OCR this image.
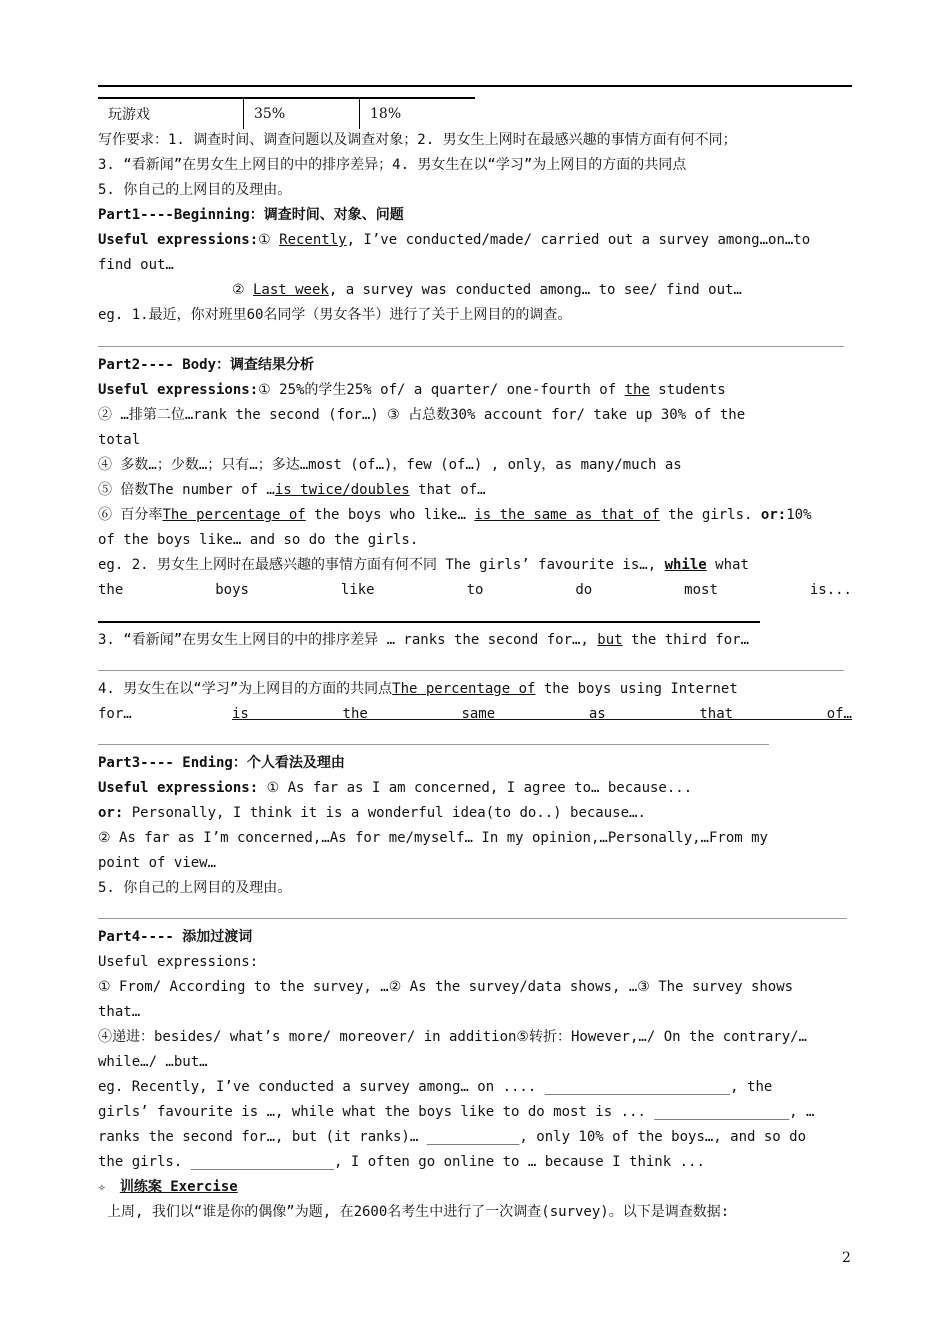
玩游戏	35%	18%
写作要求：1. 调查时间、调查问题以及调查对象；2. 男女生上网时在最感兴趣的事情方面有何不同；
3. “看新闻”在男女生上网目的中的排序差异；4. 男女生在以“学习”为上网目的方面的共同点
5. 你自己的上网目的及理由。
Part1----Beginning：调查时间、对象、问题
Useful expressions:① Recently, I’ve conducted/made/ carried out a survey among…on…to
find out…
② Last week, a survey was conducted among… to see/ find out…
eg. 1.最近，你对班里60名同学（男女各半）进行了关于上网目的的调查。
Part2---- Body：调查结果分析
Useful expressions:① 25%的学生25% of/ a quarter/ one-fourth of the students
② …排第二位…rank the second (for…) ③ 占总数30% account for/ take up 30% of the
total
④ 多数…；少数…；只有…；多达…most (of…)，few (of…) , only，as many/much as
⑤ 倍数The number of …is twice/doubles that of…
⑥ 百分率The percentage of the boys who like… is the same as that of the girls. or:10%
of the boys like… and so do the girls.
eg. 2. 男女生上网时在最感兴趣的事情方面有何不同 The girls’ favourite is…, while what
the boys like to do most is...
3. “看新闻”在男女生上网目的中的排序差异 … ranks the second for…, but the third for…
4. 男女生在以“学习”为上网目的方面的共同点The percentage of the boys using Internet
for…	is the same as that of…
Part3---- Ending：个人看法及理由
Useful expressions: ① As far as I am concerned, I agree to… because...
or: Personally, I think it is a wonderful idea(to do..) because….
② As far as I’m concerned,…As for me/myself… In my opinion,…Personally,…From my
point of view…
5. 你自己的上网目的及理由。
Part4---- 添加过渡词
Useful expressions:
① From/ According to the survey, …② As the survey/data shows, …③ The survey shows
that…
④递进：besides/ what’s more/ moreover/ in addition⑤转折：However,…/ On the contrary/…
while…/ …but…
eg. Recently, I’ve conducted a survey among… on .... ______________________, the
girls’ favourite is …, while what the boys like to do most is ... ________________, …
ranks the second for…, but (it ranks)… ___________, only 10% of the boys…, and so do
the girls. _________________, I often go online to … because I think ...
✧ 训练案 Exercise
上周, 我们以“谁是你的偶像”为题, 在2600名考生中进行了一次调查(survey)。以下是调查数据:
2
